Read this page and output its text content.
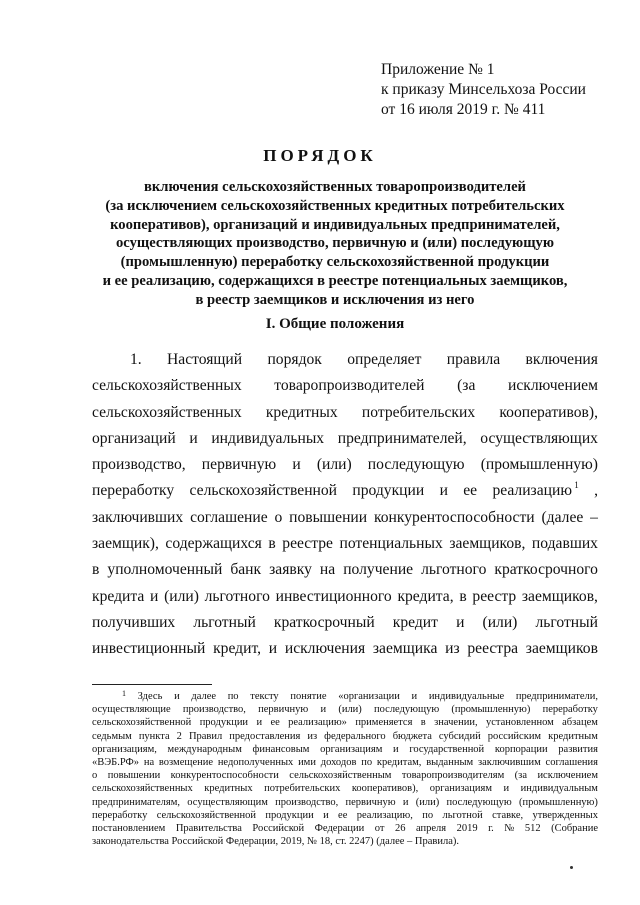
Приложение № 1
к приказу Минсельхоза России
от 16 июля 2019 г. № 411
ПОРЯДОК
включения сельскохозяйственных товаропроизводителей
(за исключением сельскохозяйственных кредитных потребительских
кооперативов), организаций и индивидуальных предпринимателей,
осуществляющих производство, первичную и (или) последующую
(промышленную) переработку сельскохозяйственной продукции
и ее реализацию, содержащихся в реестре потенциальных заемщиков,
в реестр заемщиков и исключения из него
I. Общие положения
1. Настоящий порядок определяет правила включения
сельскохозяйственных товаропроизводителей (за исключением
сельскохозяйственных кредитных потребительских кооперативов),
организаций и индивидуальных предпринимателей, осуществляющих
производство, первичную и (или) последующую (промышленную)
переработку сельскохозяйственной продукции и ее реализацию $^1$ ,
заключивших соглашение о повышении конкурентоспособности (далее –
заемщик), содержащихся в реестре потенциальных заемщиков, подавших
в уполномоченный банк заявку на получение льготного краткосрочного
кредита и (или) льготного инвестиционного кредита, в реестр заемщиков,
получивших льготный краткосрочный кредит и (или) льготный
инвестиционный кредит, и исключения заемщика из реестра заемщиков
1 Здесь и далее по тексту понятие «организации и индивидуальные предприниматели,
осуществляющие производство, первичную и (или) последующую (промышленную) переработку
сельскохозяйственной продукции и ее реализацию» применяется в значении, установленном абзацем
седьмым пункта 2 Правил предоставления из федерального бюджета субсидий российским кредитным
организациям, международным финансовым организациям и государственной корпорации развития
«ВЭБ.РФ» на возмещение недополученных ими доходов по кредитам, выданным заключившим соглашения
о повышении конкурентоспособности сельскохозяйственным товаропроизводителям (за исключением
сельскохозяйственных кредитных потребительских кооперативов), организациям и индивидуальным
предпринимателям, осуществляющим производство, первичную и (или) последующую (промышленную)
переработку сельскохозяйственной продукции и ее реализацию, по льготной ставке, утвержденных
постановлением Правительства Российской Федерации от 26 апреля 2019 г. № 512 (Собрание
законодательства Российской Федерации, 2019, № 18, ст. 2247) (далее – Правила).
